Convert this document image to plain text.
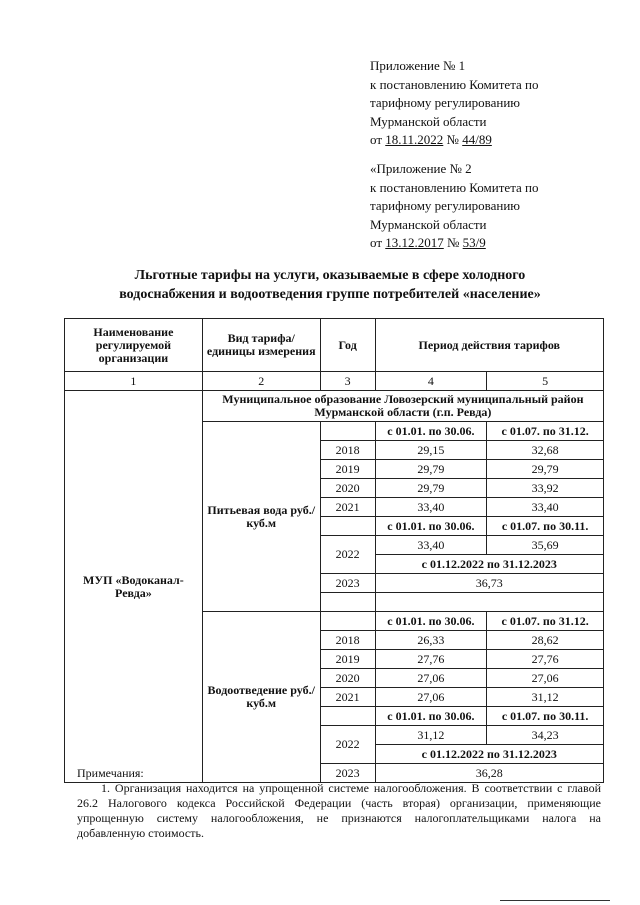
Приложение № 1
к постановлению Комитета по
тарифному регулированию
Мурманской области
от 18.11.2022 № 44/89
«Приложение № 2
к постановлению Комитета по
тарифному регулированию
Мурманской области
от 13.12.2017 № 53/9
Льготные тарифы на услуги, оказываемые в сфере холодного
водоснабжения и водоотведения группе потребителей «население»
Наименование регулируемой организации	Вид тарифа/единицы измерения	Год	Период действия тарифов	
1	2	3	4	5
МУП «Водоканал-Ревда»	Муниципальное образование Ловозерский муниципальный район Мурманской области (г.п. Ревда)			
	Питьевая вода руб./куб.м		с 01.01. по 30.06.	с 01.07. по 31.12.
		2018	29,15	32,68
		2019	29,79	29,79
		2020	29,79	33,92
		2021	33,40	33,40
			с 01.01. по 30.06.	с 01.07. по 30.11.
		2022	33,40	35,69
			с 01.12.2022 по 31.12.2023	
		2023	36,73	

	Водоотведение руб./куб.м		с 01.01. по 30.06.	с 01.07. по 31.12.
		2018	26,33	28,62
		2019	27,76	27,76
		2020	27,06	27,06
		2021	27,06	31,12
			с 01.01. по 30.06.	с 01.07. по 30.11.
		2022	31,12	34,23
			с 01.12.2022 по 31.12.2023	
		2023	36,28	

Примечания:

1. Организация находится на упрощенной системе налогообложения. В соответствии с главой 26.2 Налогового кодекса Российской Федерации (часть вторая) организации, применяющие упрощенную систему налогообложения, не признаются налогоплательщиками налога на добавленную стоимость.
